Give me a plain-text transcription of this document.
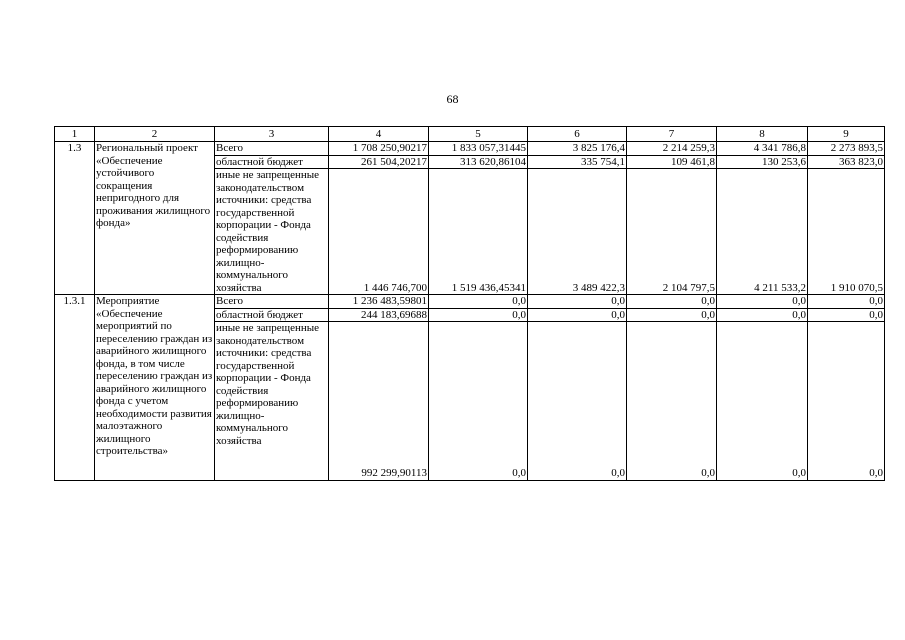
68
1	2	3	4	5	6	7	8	9
1.3	Региональный проект «Обеспечение устойчивого сокращения непригодного для проживания жилищного фонда»	Всего	1 708 250,90217	1 833 057,31445	3 825 176,4	2 214 259,3	4 341 786,8	2 273 893,5
		областной бюджет	261 504,20217	313 620,86104	335 754,1	109 461,8	130 253,6	363 823,0
		иные не запрещенные законодательством источники: средства государственной корпорации - Фонда содействия реформированию жилищно-коммунального хозяйства	1 446 746,700	1 519 436,45341	3 489 422,3	2 104 797,5	4 211 533,2	1 910 070,5
1.3.1	Мероприятие «Обеспечение мероприятий по переселению граждан из аварийного жилищного фонда, в том числе переселению граждан из аварийного жилищного фонда с учетом необходимости развития малоэтажного жилищного строительства»	Всего	1 236 483,59801	0,0	0,0	0,0	0,0	0,0
		областной бюджет	244 183,69688	0,0	0,0	0,0	0,0	0,0
		иные не запрещенные законодательством источники: средства государственной корпорации - Фонда содействия реформированию жилищно-коммунального хозяйства	992 299,90113	0,0	0,0	0,0	0,0	0,0
